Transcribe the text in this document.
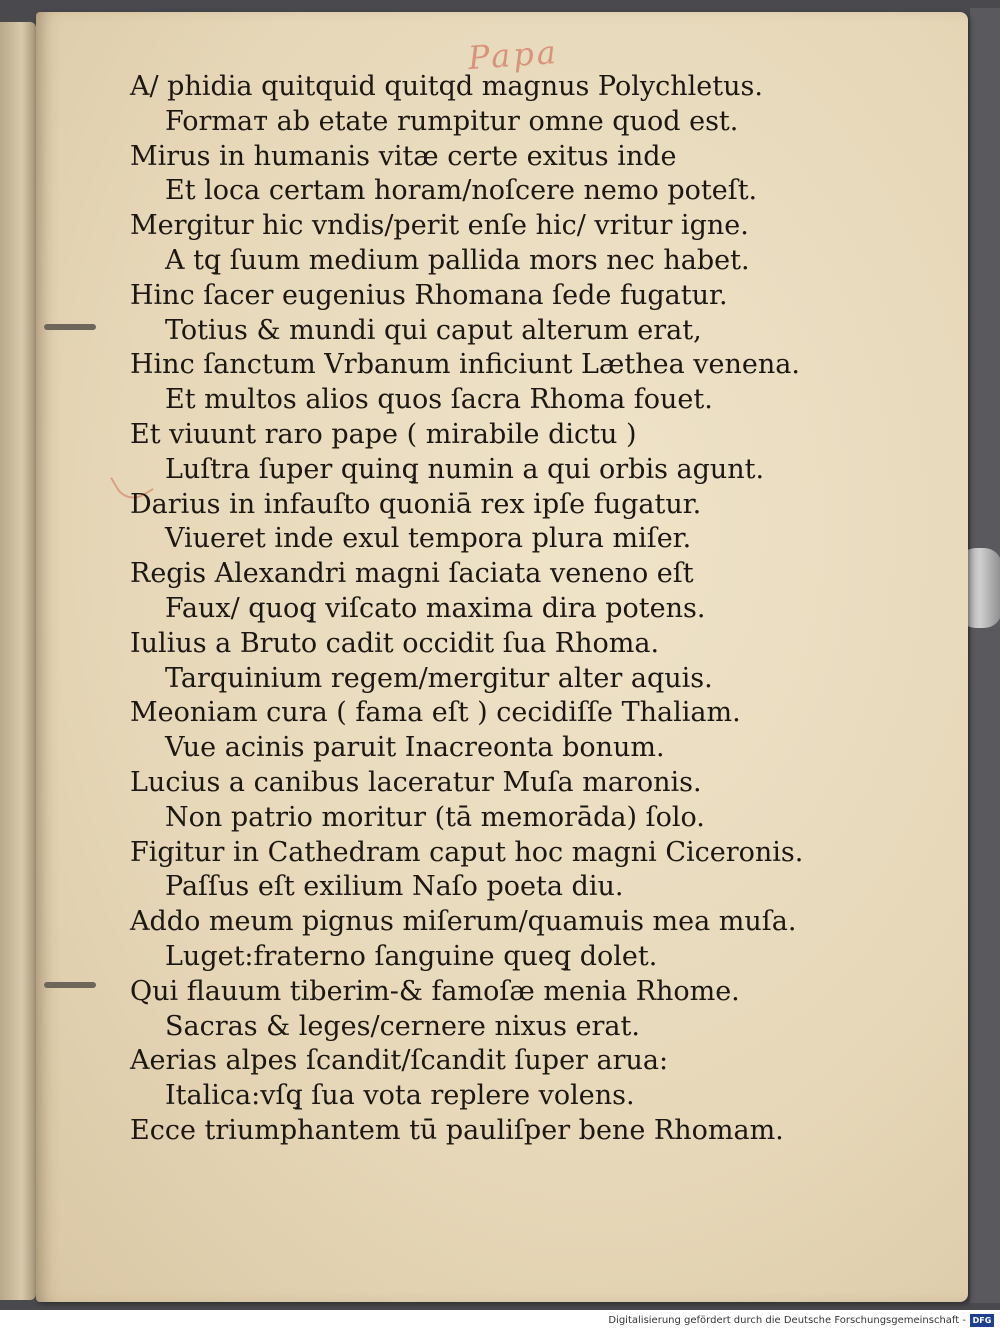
Papa
A/ phidia quitquid quitqd magnus Polychletus.
Formaт ab etate rumpitur omne quod est.
Mirus in humanis vitæ certe exitus inde
Et loca certam horam/noſcere nemo poteſt.
Mergitur hic vndis/perit enſe hic/ vritur igne.
A tq̧ ſuum medium pallida mors nec habet.
Hinc ſacer eugenius Rhomana ſede fugatur.
Totius & mundi qui caput alterum erat,
Hinc ſanctum Vrbanum inficiunt Læthea venena.
Et multos alios quos ſacra Rhoma fouet.
Et viuunt raro pape ( mirabile dictu )
Luſtra ſuper quinq̧ numin a qui orbis agunt.
Darius in infauſto quoniā rex ipſe fugatur.
Viueret inde exul tempora plura miſer.
Regis Alexandri magni ſaciata veneno eſt
Faux/ quoq̧ viſcato maxima dira potens.
Iulius a Bruto cadit occidit ſua Rhoma.
Tarquinium regem/mergitur alter aquis.
Meoniam cura ( fama eſt ) cecidiſſe Thaliam.
Vue acinis paruit Inacreonta bonum.
Lucius a canibus laceratur Muſa maronis.
Non patrio moritur (tā memorāda) ſolo.
Figitur in Cathedram caput hoc magni Ciceronis.
Paſſus eſt exilium Naſo poeta diu.
Addo meum pignus miſerum/quamuis mea muſa.
Luget:fraterno ſanguine queq̧ dolet.
Qui flauum tiberim-& famoſæ menia Rhome.
Sacras & leges/cernere nixus erat.
Aerias alpes ſcandit/ſcandit ſuper arua:
Italica:vſq̧ ſua vota replere volens.
Ecce triumphantem tū pauliſper bene Rhomam.
Digitalisierung gefördert durch die Deutsche Forschungsgemeinschaft - DFG
